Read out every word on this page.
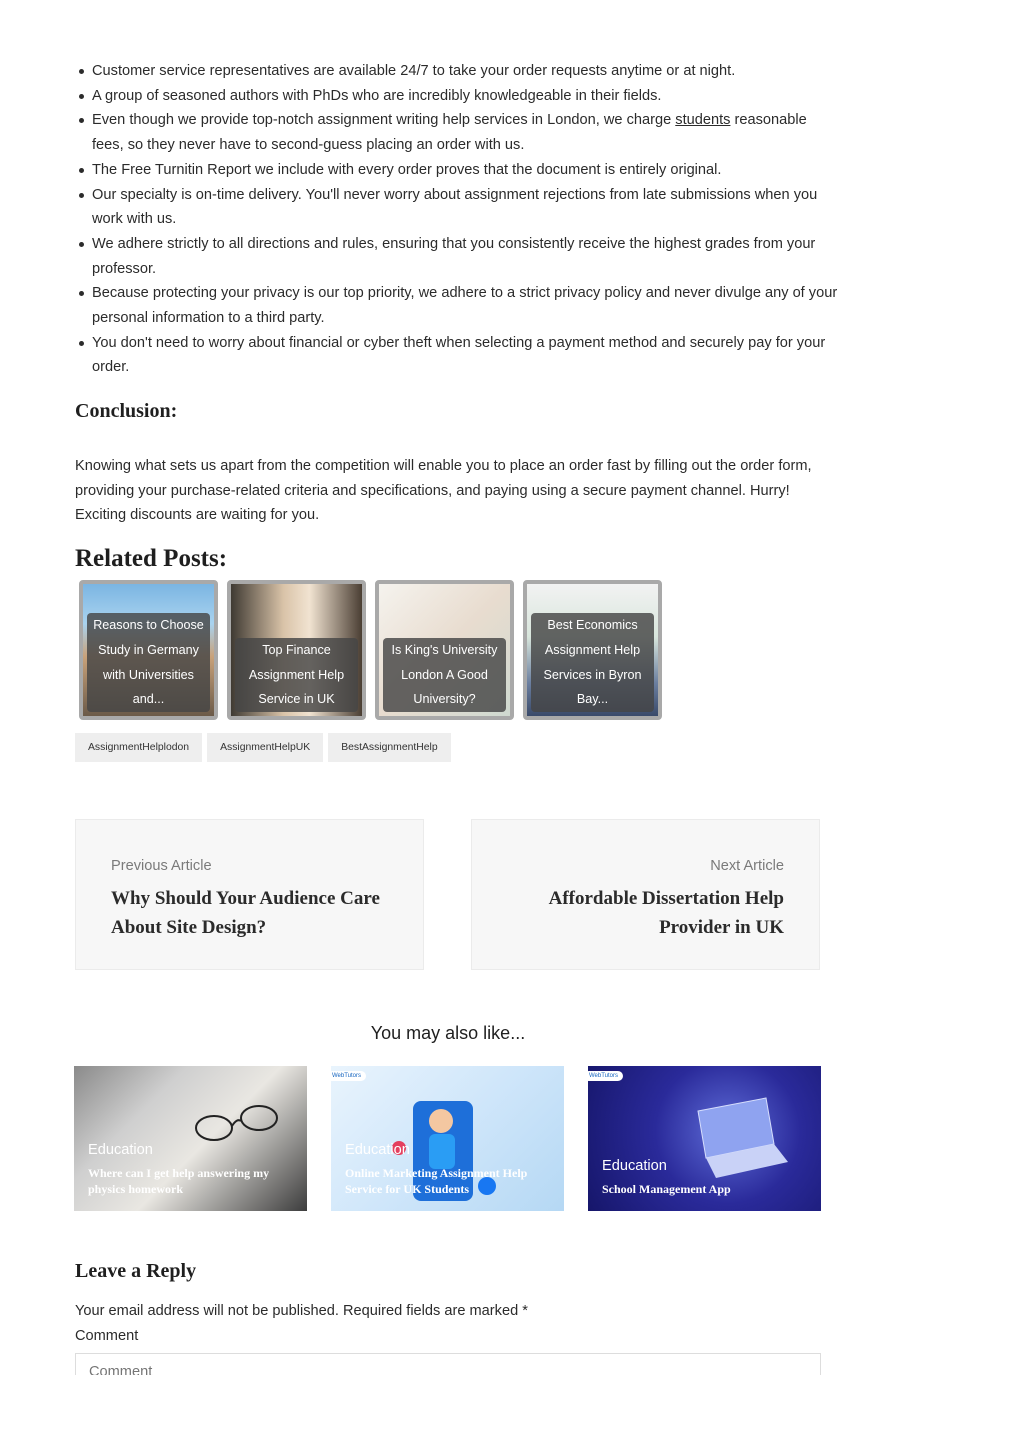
Customer service representatives are available 24/7 to take your order requests anytime or at night.
A group of seasoned authors with PhDs who are incredibly knowledgeable in their fields.
Even though we provide top-notch assignment writing help services in London, we charge students reasonable fees, so they never have to second-guess placing an order with us.
The Free Turnitin Report we include with every order proves that the document is entirely original.
Our specialty is on-time delivery. You'll never worry about assignment rejections from late submissions when you work with us.
We adhere strictly to all directions and rules, ensuring that you consistently receive the highest grades from your professor.
Because protecting your privacy is our top priority, we adhere to a strict privacy policy and never divulge any of your personal information to a third party.
You don't need to worry about financial or cyber theft when selecting a payment method and securely pay for your order.
Conclusion:

Knowing what sets us apart from the competition will enable you to place an order fast by filling out the order form, providing your purchase-related criteria and specifications, and paying using a secure payment channel. Hurry! Exciting discounts are waiting for you.

Related Posts:
Reasons to Choose Study in Germany with Universities and...
Top Finance Assignment Help Service in UK
Is King's University London A Good University?
Best Economics Assignment Help Services in Byron Bay...
AssignmentHelplodon	AssignmentHelpUK	BestAssignmentHelp
Previous Article
Why Should Your Audience Care About Site Design?
Next Article
Affordable Dissertation Help Provider in UK
You may also like...
Education
Where can I get help answering my physics homework
WebTutors
Education
Online Marketing Assignment Help Service for UK Students
WebTutors
Education
School Management App
Leave a Reply

Your email address will not be published. Required fields are marked *

Comment
Comment
